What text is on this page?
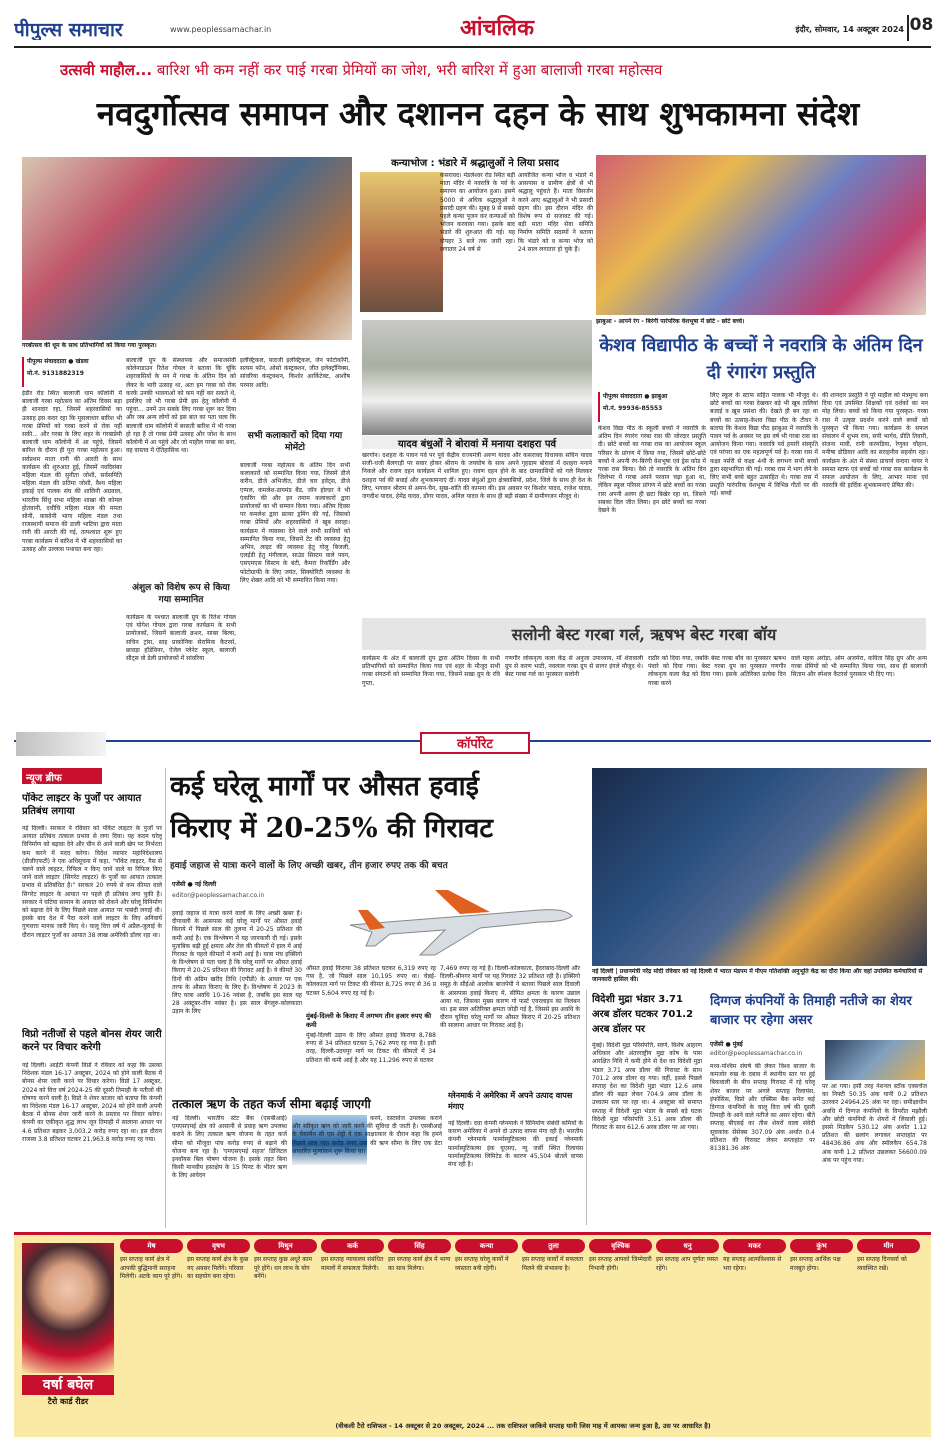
पीपुल्स समाचार	www.peoplessamachar.in	आंचलिक	इंदौर, सोमवार, 14 अक्टूबर 2024 08
उत्सवी माहौल... बारिश भी कम नहीं कर पाई गरबा प्रेमियों का जोश, भरी बारिश में हुआ बालाजी गरबा महोत्सव
नवदुर्गोत्सव समापन और दशानन दहन के साथ शुभकामना संदेश
गरबोत्सव की धूम के साथ प्रतिभागियों को किया गया पुरस्कृत।
पीपुल्स संवाददाता ● खंडवा
मो.नं. 9131882319
ईडीर रोड स्थित बालाजी धाम कॉलोनी में बालाजी गरबा महोत्सव का अंतिम दिवस बड़ा ही शानदार रहा, जिसमें शहरवासियों का उत्साह इस कदर रहा कि मूसलाधार बारिश भी गरबा प्रेमियों को गरबा करने से रोक नहीं सकी... और गरबा के लिए शहर के गरबाप्रेमी बालाजी धाम कॉलोनी में आ पहुंचे, जिसमें बारिश के दौरान ही पूरा गरबा महोत्सव हुआ। सर्वप्रथम माता रानी की आरती के साथ कार्यक्रम की शुरुआत हुई, जिसमें नवदिसंबर महिला मंडल की सुनीता जोशी, सर्वसमिति महिला मंडल की प्रतिमा जोशी, वैश्य महिला इकाई एवं पालक संघ की शालिनी अग्रवाल, भारतीय सिंधु सभा महिला शाखा की कोमल होतवानी, दधीचि महिला मंडल की ममता सोनी, कासोनी भागा महिला मंडल तथा राजस्थानी समाज की डाली भाटिया द्वारा माता रानी की आरती की गई, तत्पश्चात शुरू हुए गरबा कार्यक्रम में बारिश में भी शहरवासियों का उत्साह और उल्लास पथावत बना रहा।
बालाजी ग्रुप के संस्थापक और समाजसेवी कोलेनाडाउन रितेश गोयल ने बताया कि चूंकि शहरवासियों के मन में गरबा के अंतिम दिन को लेकर के भारी उत्साह था, अतः हम गरबा को रोक करके उनकी भावनाओं को कम नहीं कर सकते थे, इसलिए जो भी गरबा प्रेमी इस हेतु कॉलोनी में पहुंचा... उनमें उन सबके लिए गरबा शुरू कर दिया और जब अन्य लोगों को इस बात का पता चला कि बालाजी धाम कॉलोनी में बरसती बारिश में भी गरबा हो रहा है तो गरबा प्रेमी उत्साह और जोश के साथ कॉलोनी में आ पहुंचे और जो माहौल गरबा का बना, वह वास्तव में ऐतिहासिक था।
अंशुल को विशेष रूप से किया गया सम्मानित
कार्यक्रम के पश्चात बालाजी ग्रुप के रितेश गोयल एवं योगेश गोयल द्वारा गरबा कार्यक्रम के सभी प्रायोजकों, जिसमें बालाजी क्रशर, साबर बिल्स, सचिन ट्रांस, साइ प्राकोनिक सेरामिक कैटरर्स, छावड़ा हॉडेविनर, ऐंजेल प्लेनेट स्कूल, बालाजी सीट्स वो डेली प्रायोजकों में सांवरिया
इलेक्ट्रिकल, यादजी इलेक्ट्रिकल, जेन फोटोकॉपी, सत्यम फॉन, ओसो कंस्ट्रक्शन, जीत इलेक्ट्रॉनिक्स, सांवरिया कंस्ट्रक्शन, किशोर आर्किटेक्ट, आशीष परमार आदि।
सभी कलाकारों को दिया गया मोमेंटो
बालाजी गरबा महोत्सव के अंतिम दिन सभी कलाकारों को सम्मानित किया गया, जिसमें डीजे करीन, डीजे अभिजीत, डीजे चार इवेंट्स, डीजे एप्पल, कमलेश-डायमंड बैंड, जॉन होल्डर ने भी एंकरिंग की और इन तमाम कलाकारों द्वारा प्रायोजकों का भी सम्मान किया गया। अंतिम दिवस पर कमलेश द्वारा फ्रायर ड्रमिंग की गई, जिसको गरबा प्रेमियों और शहरवासियों ने खूब सराहा। कार्यक्रम में व्यवस्था देने वाले सभी साथियों को सम्मानित किया गया, जिसमें टेंट की व्यवस्था हेतु अभिन, लाइट की व्यवस्था हेतु गोलू बिजली, एलईडी हेतु मंगीलाल, साउंड सिस्टम वाले पवन, एसएमएस सिस्टम के बंटी, कैमरा रिकॉर्डिंग और फोटोग्राफी के लिए जयंत, सिक्योरिटी व्यवस्था के लिए शेखर आदि को भी सम्मानित किया गया।
कन्याभोज : भंडारे में श्रद्धालुओं ने लिया प्रसाद
कसरावद। मंडलेश्वर रोड स्थित बड़ी माता मंदिर में नवरात्रि के पर्व के समापन का आयोजन हुआ। इसमें 5000 से अधिक श्रद्धालुओं ने प्रसादी ग्रहण की। सुबह 9 से सबसे पहले कन्या पूजन कर कन्याओं को भोजन करवाया गया। इसके बाद भंडारे की शुरुआत की गई। यह दोपहर 3 बजे तक जारी रहा। लगातार 24 वर्ष से
आयोजित कन्या भोज व भंडारे में आसपास व ग्रामीण क्षेत्रों से भी श्रद्धालु पहुंचते हैं। माता विसर्जन करने आए श्रद्धालुओं ने भी प्रसादी ग्रहण की। इस दौरान मंदिर की विशेष रूप से सजावट की गई। बड़ी माता मंदिर सेवा समिति निर्माण समिति सदस्यों ने बताया कि भंडारे को व कन्या भोज को 24 साल लगातार हो चुके हैं।
यादव बंधुओं ने बोरावां में मनाया दशहरा पर्व
खरगोन। दशहरा के पावन पर्व पर पूर्व केंद्रीय राज्यमंत्री अरुण यादव और कसरावद विधायक सचिन यादव सजी-धजी बैलगाड़ी पर सवार होकर श्रीराम के जयघोष के साथ अपने गृहग्राम बोरावां में दशहरा मनाने निकले और रावण दहन कार्यक्रम में शामिल हुए। रावण दहन होने के बाद ग्रामवासियों को गले मिलकर दशहरा पर्व की बधाई और शुभकामनाएं दीं। यादव बंधुओं द्वारा क्षेत्रवासियों, प्रदेश, जिले के साथ ही देश के लिए, भगवान श्रीराम से अमन-चैन, सुख-शांति की कामना की। इस अवसर पर किशोर यादव, राजेश यादव, जगदीश यादव, हेमेंद्र यादव, डोंगर यादव, अनिल यादव के साथ ही बड़ी संख्या में ग्रामीणजन मौजूद थे।
झाबुआ - आपने रंग - बिरंगी पारंपरिक वेशभूषा में छोटे - छोटे बच्चे।
केशव विद्यापीठ के बच्चों ने नवरात्रि के अंतिम दिन दी रंगारंग प्रस्तुति
पीपुल्स संवाददाता ● झाबुआ
मो.नं. 99936-85553
केशव विद्या पीठ के स्कूली बच्चों ने नवरात्रि के अंतिम दिन रंगारंग गरबा रास की जोरदार प्रस्तुति दी। छोटे बच्चों का गरबा रास का आयोजन स्कूल परिसर के प्रांगण में किया गया, जिसमें छोटे-छोटे बच्चों ने अपनी रंग-बिरंगी वेशभूषा एवं ड्रेस कोड में गरबा रास किया। वैसे तो नवरात्रि के अंतिम दिन जिलेभर में गरबा अपने परवान चढ़ा हुआ था, लेकिन स्कूल परिसर प्रांगण में छोटे बच्चों का गरबा रास अपनी अलग ही छटा बिखेर रहा था, जिसने सबका दिल जीत लिया। इन छोटे बच्चों का गरबा देखने के
लिए स्कूल के स्टाफ सहित पालक भी मौजूद थे। छोटे बच्चों का गरबा देखकर बड़े भी खूब तालियां बजाई व खूब प्रसंशा की। देखते ही बन रहा था बच्चों का उत्साह-केशव विद्या पीठ के टीचर ने बताया कि केशव विद्या पीठ झाबुआ में नवरात्रि के पावन पर्व के अवसर पर इस वर्ष भी गरबा रास का आयोजन किया गया। नवरात्रि पर्व हमारी संस्कृति एवं परंपरा का एक महत्वपूर्ण पर्व है। गरबा रास में कक्षा नर्सरी से कक्षा 4थी के लगभग सभी बच्चों द्वारा सहभागिता की गई। गरबा रास में भाग लेने के लिए सभी बच्चे बहुत उत्साहित थे। गरबा रास में प्रस्तुति पारंपरिक वेशभूषा में विभिन्न गीतों पर की गई। बच्चों
की शानदार प्रस्तुति ने पूरे माहौल को मंत्रमुग्ध बना दिया एवं उपस्थित शिक्षकों एवं दर्शकों का मन मोह लिया। बच्चों को किया गया पुरस्कृत- गरबा रास में उत्कृष्ट प्रदर्शन करने वाले बच्चों को पुरस्कृत भी किया गया। कार्यक्रम के सफल संचालन में शुभम राय, सपी भार्गव, प्रीति तिवारी, संजना मावी, रानी करमडिया, रेणुका चौहान, मनीषा डोडियार आदि का सराहनीय सहयोग रहा। कार्यक्रम के अंत में संस्था प्राचार्य वन्दना नायर ने समस्त स्टाफ एवं बच्चों को गरबा रास कार्यक्रम के सफल आयोजन के लिए, आभार माना एवं नवरात्रि की हार्दिक शुभकामनाएं प्रेषित की।
सलोनी बेस्ट गरबा गर्ल, ऋषभ बेस्ट गरबा बॉय
कार्यक्रम के अंत में बालाजी ग्रुप द्वारा अंतिम दिवस के सभी प्रतिभागियों को सम्मानित किया गया एवं शहर के मौजूद सभी गरबा संगठनों को सम्मानित किया गया, जिसमें सखा ग्रुप के रवि गुप्ता,
गणगौर लोकनृत्य कला केंद्र से अनुजा उपाध्याय, माँ शेरावाली ग्रुप से करण भाटी, नवलाल गरबा ग्रुप से सागर इंगले मौजूद थे। बेस्ट गरबा गर्ल का पुरस्कार सलोनी
राठौर को दिया गया, जबकि बेस्ट गरबा बॉय का पुरस्कार ऋषभ पंवारे को दिया गया। बेस्ट गरबा ग्रुप का पुरस्कार गणगौर लोकनृत्य कला केंद्र को दिया गया। इसके अतिरिक्त प्रत्येक दिन गरबा करने
वाले महक अरोड़ा, ओम अजमेरा, कविता सिंह ग्रुप और अन्य गरबा प्रेमियों को भी सम्मानित किया गया, साथ ही बालाजी सिताम और स्पेशल कैटरर्स पुरस्कार भी दिए गए।
कॉर्पोरेट
न्यूज ब्रीफ
पॉकेट लाइटर के पुर्जों पर आयात प्रतिबंध लगाया
नई दिल्ली। सरकार ने रविवार को पॉकेट लाइटर के पुर्जों पर आयात प्रतिबंध तत्काल प्रभाव से लगा दिया। यह कदम घरेलू विनिर्माण को बढ़ावा देने और चीन से आने वाली खेप पर निर्भरता कम करने में मदद करेगा। विदेश व्यापार महानिदेशालय (डीजीएफटी) ने एक अधिसूचना में कहा, "पॉकेट लाइटर, गैस से चलने वाले लाइटर, रिफिल न किए जाने वाले या रिफिल किए जाने वाले लाइटर (सिगरेट लाइटर) के पुर्जों का आयात तत्काल प्रभाव से प्रतिबंधित है।" सरकार 20 रुपये से कम कीमत वाले सिगरेट लाइटर के आयात पर पहले ही प्रतिबंध लगा चुकी है। सरकार ने घटिया सामान के आयात को रोकने और घरेलू विनिर्माण को बढ़ावा देने के लिए पिछले साल आयात पर पाबंदी लगाई थी। इसके बाद देश में पैदा करने वाले लाइटर के लिए अनिवार्य गुणवत्ता मानक जारी किए थे। चालू वित्त वर्ष में अप्रैल-जुलाई के दौरान लाइटर पुर्जों का आयात 38 लाख अमेरिकी डॉलर रहा था।
विप्रो नतीजों से पहले बोनस शेयर जारी करने पर विचार करेगी
नई दिल्ली। आईटी कंपनी विप्रो ने रविवार को कहा कि उसका निदेशक मंडल 16-17 अक्टूबर, 2024 को होने वाली बैठक में बोनस शेयर जारी करने पर विचार करेगा। विप्रो 17 अक्टूबर, 2024 को वित्त वर्ष 2024-25 की दूसरी तिमाही के नतीजों की घोषणा करने वाली है। विप्रो ने शेयर बाजार को बताया कि कंपनी का निदेशक मंडल 16-17 अक्टूबर, 2024 को होने वाली अपनी बैठक में बोनस शेयर जारी करने के प्रस्ताव पर विचार करेगा। कंपनी का एकीकृत शुद्ध लाभ जून तिमाही में सालाना आधार पर 4.6 प्रतिशत बढ़कर 3,003.2 करोड़ रुपए रहा था। इस दौरान राजस्व 3.8 प्रतिशत घटकर 21,963.8 करोड़ रुपए रह गया।
कई घरेलू मार्गों पर औसत हवाई
किराए में 20-25% की गिरावट
हवाई जहाज से यात्रा करने वालों के लिए अच्छी खबर, तीन हजार रुपए तक की बचत
एजेंसी ● नई दिल्ली
editor@peoplessamachar.co.in
हवाई जहाज से यात्रा करने वालों के लिए अच्छी खबर है। दीपावली के आसपास कई घरेलू मार्गों पर औसत हवाई किराये में पिछले साल की तुलना में 20-25 प्रतिशत की कमी आई है। एक विश्लेषण में यह जानकारी दी गई। इसके मुताबिक बढ़ी हुई क्षमता और तेल की कीमतों में हाल में आई गिरावट के पहले कीमतों में कमी आई है। यात्रा मंच इक्सिगो के विश्लेषण से पता चला है कि घरेलू मार्गों पर औसत हवाई किराए में 20-25 प्रतिशत की गिरावट आई है। ये कीमतें 30 दिनों की अग्रिम खरीद तिथि (एपीडी) के आधार पर एक तरफ के औसत किराए के लिए हैं। विश्लेषण में 2023 के लिए यात्रा अवधि 10-16 नवंबर है, जबकि इस साल यह 28 अक्टूबर-तीन नवंबर है। इस साल बेंगलुरु-कोलकाता उड़ान के लिए
औसत हवाई किराया 38 प्रतिशत घटकर 6,319 रुपए रह गया है, जो पिछले साल 10,195 रुपए था। चेन्नई-कोलकाता मार्ग पर टिकट की कीमत 8,725 रुपए से 36 प्र घटकर 5,604 रुपए रह गई है।
मुंबई-दिल्ली के किराए में लगभग तीन हजार रुपए की कमी
मुंबई-दिल्ली उड़ान के लिए औसत हवाई किराया 8,788 रुपए से 34 प्रतिशत घटकर 5,762 रुपए रह गया है। इसी तरह, दिल्ली-उदयपुर मार्ग पर टिकट की कीमतों में 34 प्रतिशत की कमी आई है और यह 11,296 रुपए से घटकर
7,469 रुपए रह गई है। दिल्ली-कोलकाता, हैदराबाद-दिल्ली और दिल्ली-श्रीनगर मार्गों पर यह गिरावट 32 प्रतिशत रही है। इक्सिगो समूह के सीईओ आलोक बाजपेयी ने बताया पिछले साल दिवाली के आसपास हवाई किराए में, सीमित क्षमता के कारण उछाल आया था, जिसका मुख्य कारण गो फर्स्ट एयरलाइन का निलंबन था। इस साल अतिरिक्त क्षमता जोड़ी गई है, जिससे इस अवधि के दौरान चुनिंदा घरेलू मार्गों पर औसत किराए में 20-25 प्रतिशत की सालाना आधार पर गिरावट आई है।
नई दिल्ली | प्रधानमंत्री नरेंद्र मोदी रविवार को नई दिल्ली में भारत मंडपम में पीएम गतिशक्ति अनुभूति केंद्र का दौरा किया और वहां उपस्थित कर्मचारियों से जानकारी हासिल की।
तत्काल ऋण के तहत कर्ज सीमा बढ़ाई जाएगी
नई दिल्ली। भारतीय स्टेट बैंक (एसबीआई) एमएसएमई क्षेत्र को आसानी से प्रवाह ऋण उपलब्ध कराने के लिए तत्काल ऋण योजना के तहत कर्ज सीमा को मौजूदा पांच करोड़ रुपए से बढ़ाने की योजना बना रहा है। 'एमएसएमई सहज' डिजिटल इनवॉयस बिल पोषण योजना है। इसके तहत बिना किसी मानवीय हस्तक्षेप के 15 मिनट के भीतर ऋण के लिए आवेदन
करने, दस्तावेज उपलब्ध कराने और स्वीकृत ऋण को जारी करने की सुविधा दी जाती है। एसबीआई के चेयरमैन सी एस शेट्टी ने एक साक्षात्कार के दौरान कहा कि हमने पिछले साल पांच करोड़ रुपए तक की ऋण सीमा के लिए एक डेटा आधारित मूल्यांकन शुरू किया था।
ग्लेनमार्क ने अमेरिका में अपने उत्पाद वापस मंगाए
नई दिल्ली। दवा कंपनी ग्लेनमार्क ने विनिर्माण संबंधी कमियों के कारण अमेरिका में अपने दो उत्पाद वापस मंगा रही है। भारतीय कंपनी ग्लेनमार्क फार्मास्युटिकल्स की इकाई ग्लेनमार्क फार्मास्युटिकल्स इंक यूएसए, न्यू जर्सी स्थित रिलायंस फार्मास्युटिकल्स लिमिटेड के कारण 45,504 बोतलें वापस मंगा रही है।
विदेशी मुद्रा भंडार 3.71 अरब डॉलर घटकर 701.2 अरब डॉलर पर
मुंबई। विदेशी मुद्रा परिसंपत्ति, स्वर्ण, विशेष आहरण अधिकार और अंतरराष्ट्रीय मुद्रा कोष के पास आरक्षित निधि में कमी होने से देश का विदेशी मुद्रा भंडार 3.71 अरब डॉलर की गिरावट के साथ 701.2 अरब डॉलर रह गया। वहीं, इससे पिछले सप्ताह देश का विदेशी मुद्रा भंडार 12.6 अरब डॉलर की बढ़त लेकर 704.9 अरब डॉलर के उच्चतम स्तर पर रहा था। 4 अक्टूबर को समाप्त सप्ताह में विदेशी मुद्रा भंडार के सबसे बड़े घटक विदेशी मुद्रा परिसंपत्ति 3.51 अरब डॉलर की गिरावट के साथ 612.6 अरब डॉलर पर आ गया।
दिग्गज कंपनियों के तिमाही नतीजे का शेयर बाजार पर रहेगा असर
एजेंसी ● मुंबई
editor@peoplessamachar.co.in
मध्य-पश्चिम संघर्ष की लेकर विश्व बाजार के कमजोर रुख के दबाव में स्थानीय स्तर पर हुई बिकवाली के बीच सप्ताह गिरावट में रहे घरेलू शेयर बाजार पर अगले सप्ताह रिलायंस, इंफोसिस, विप्रो और एक्सिस बैंक समेत कई दिग्गज कंपनियों के चालू वित्त वर्ष की दूसरी तिमाही के आने वाले नतीजे का असर रहेगा। बीते सप्ताह बीएसई का तीस शेयरों वाला संवेदी सूचकांक सेंसेक्स 307.09 अंक अर्थात 0.4 प्रतिशत की गिरावट लेकर सप्ताहांत पर 81381.36 अंक
पर आ गया। इसी तरह नेशनल स्टॉक एक्सचेंज का निफ्टी 50.35 अंक यानी 0.2 प्रतिशत उतरकर 24964.25 अंक पर रहा। समीक्षाधीन अवधि में दिग्गज कंपनियों के विपरीत मझौली और छोटी कंपनियों के शेयरों में लिवाली हुई। इससे मिडकैप 530.12 अंक अर्थात 1.12 प्रतिशत की छलांग लगाकर सप्ताहांत पर 48436.86 अंक और स्मॉलकैप 654.78 अंक यानी 1.2 प्रतिशत उछलकर 56600.09 अंक पर पहुंच गया।
वर्षा बघेल
टैरो कार्ड रीडर
मेष
इस सप्ताह कार्य क्षेत्र में आपकी बुद्धिमानी सराहना मिलेगी। अटके काम पूरे होंगे।
वृषभ
इस सप्ताह कार्य क्षेत्र के कुछ नए अवसर मिलेंगे। परिवार का सहयोग बना रहेगा।
मिथुन
इस सप्ताह कुछ अधूरे काम पूरे होंगे। धन लाभ के योग बनेंगे।
कर्क
इस सप्ताह न्यायालय संबंधित मामलों में सफलता मिलेगी।
सिंह
इस सप्ताह कार्य क्षेत्र में भाग्य का साथ मिलेगा।
कन्या
इस सप्ताह घरेलू कार्यों में व्यस्तता बनी रहेगी।
तुला
इस सप्ताह कार्यों में सफलता मिलने की संभावना है।
वृश्चिक
इस सप्ताह आपको जिम्मेदारी निभानी होगी।
धनु
इस सप्ताह आप पूर्णतः व्यस्त रहेंगे।
मकर
यह सप्ताह आत्मविश्वास से भरा रहेगा।
कुंभ
इस सप्ताह आर्थिक पक्ष मजबूत होगा।
मीन
इस सप्ताह दिनचर्या को व्यवस्थित रखें।
(वीकली टैरो राशिफल - 14 अक्टूबर से 20 अक्टूबर, 2024 ... तक राशिफल जाकिये सप्ताह यानी जिस माह में आपका जन्म हुआ है, उस पर आधारित है)
